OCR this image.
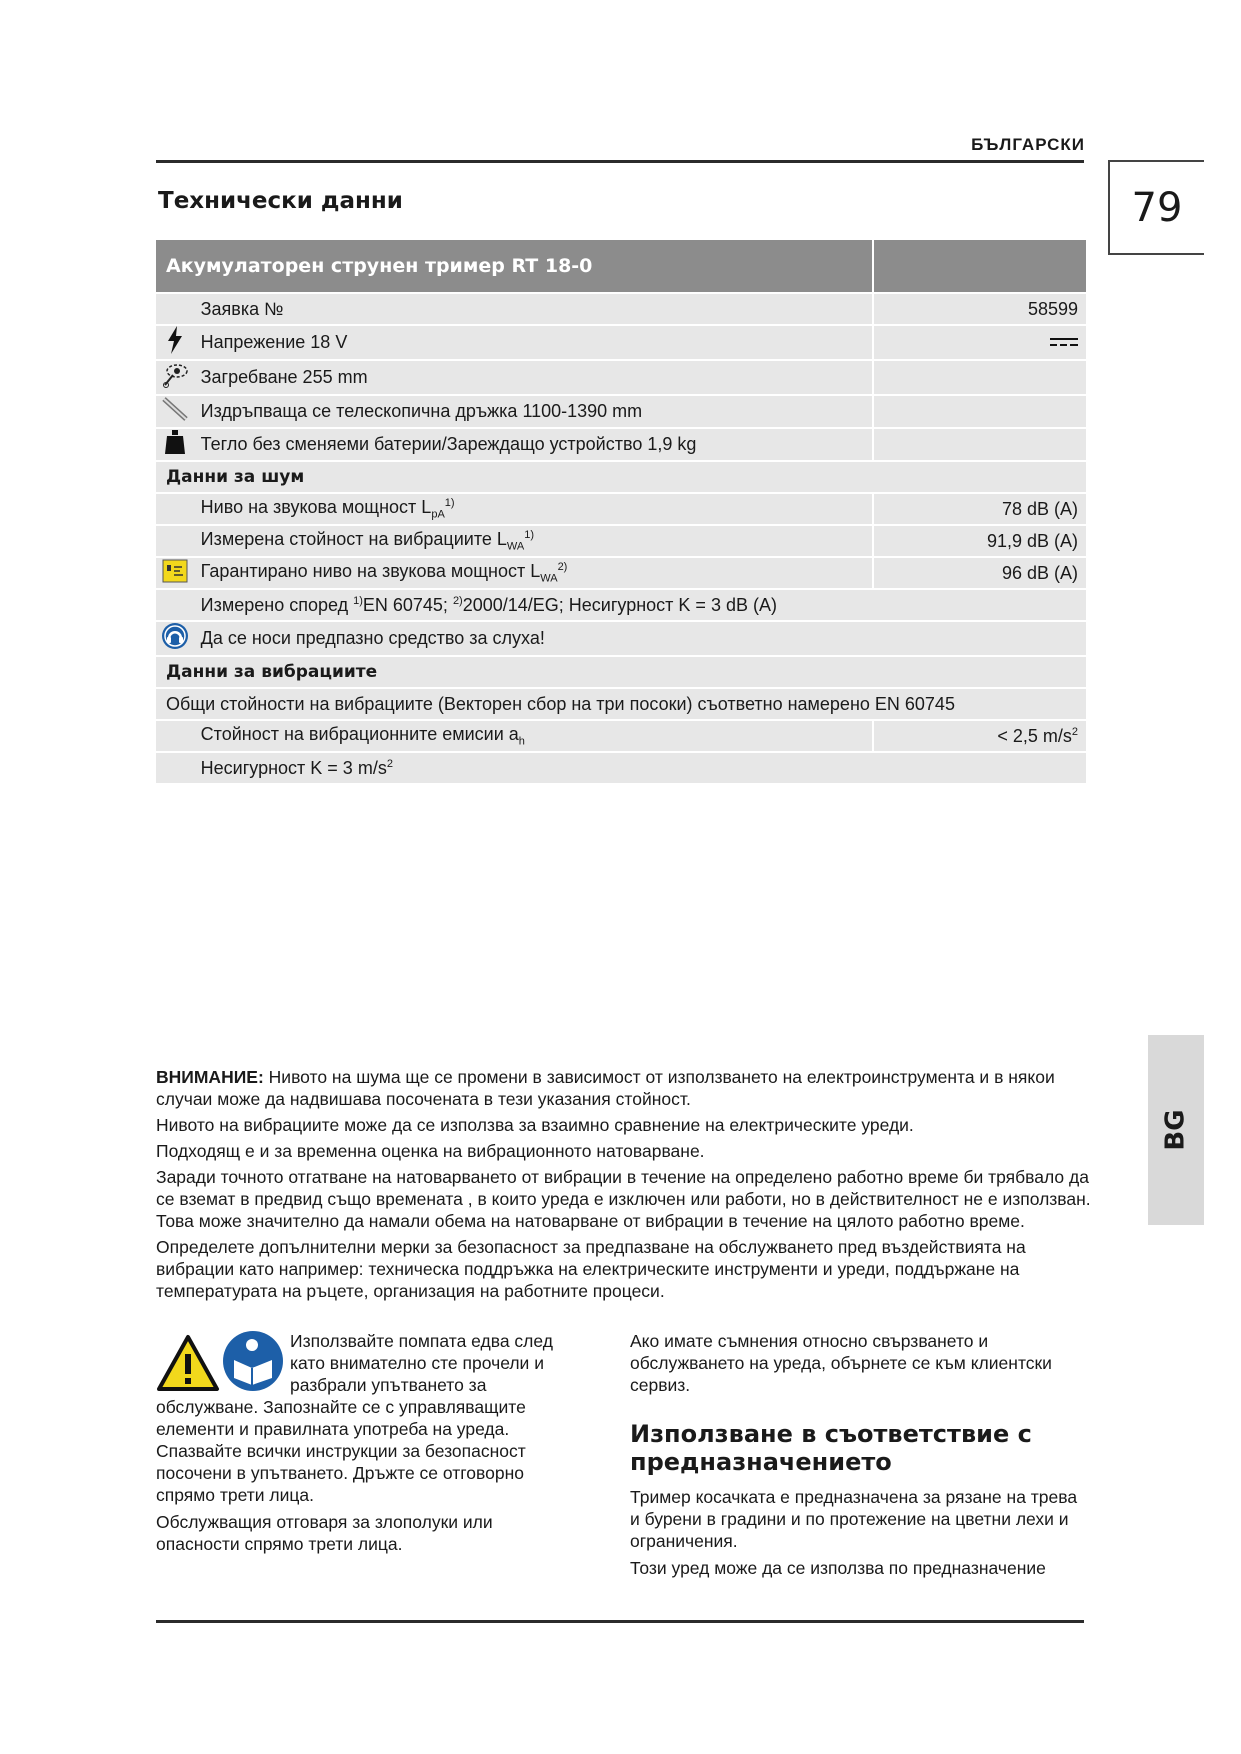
БЪЛГАРСКИ
79
Технически данни
Акумулаторен струнен тример RT 18-0		
	Заявка №	58599
	Напрежение 18 V	
	Загребване 255 mm	
	Издръпваща се телескопична дръжка 1100-1390 mm	
	Тегло без сменяеми батерии/Зареждащо устройство 1,9 kg	
Данни за шум		
	Ниво на звукова мощност $L_{pA}^{1)}$	78 dB (A)
	Измерена стойност на вибрациите $L_{WA}^{1)}$	91,9 dB (A)
	Гарантирано ниво на звукова мощност $L_{WA}^{2)}$	96 dB (A)
	Измерено според $^{1)}$EN 60745; $^{2)}$2000/14/EG; Несигурност K = 3 dB (A)	
	Да се носи предпазно средство за слуха!	
Данни за вибрациите		
Общи стойности на вибрациите (Векторен сбор на три посоки) съответно намерено EN 60745		
	Стойност на вибрационните емисии $a_h$	< 2,5 $m/s^2$
	Несигурност K = 3 $m/s^2$
BG

ВНИМАНИЕ: Нивото на шума ще се промени в зависимост от използването на електроинструмента и в някои случаи може да надвишава посочената в тези указания стойност.

Нивото на вибрациите може да се използва за взаимно сравнение на електрическите уреди.

Подходящ е и за временна оценка на вибрационното натоварване.

Заради точното отгатване на натоварването от вибрации в течение на определено работно време би трябвало да се вземат в предвид също времената , в които уреда е изключен или работи, но в действителност не е използван. Това може значително да намали обема на натоварване от вибрации в течение на цялото работно време.

Определете допълнителни мерки за безопасност за предпазване на обслужването пред въздействията на вибрации като например: техническа поддръжка на електрическите инструменти и уреди, поддържане на температурата на ръцете, организация на работните процеси.

Използвайте помпата едва след като внимателно сте прочели и разбрали упътването за обслужване. Запознайте се с управляващите елементи и правилната употреба на уреда. Спазвайте всички инструкции за безопасност посочени в упътването. Дръжте се отговорно спрямо трети лица.

Обслужващия отговаря за злополуки или опасности спрямо трети лица.

Ако имате съмнения относно свързването и обслужването на уреда, обърнете се към клиентски сервиз.

Използване в съответствие с предназначението

Тример косачката е предназначена за рязане на трева и бурени в градини и по протежение на цветни лехи и ограничения.

Този уред може да се използва по предназначение
